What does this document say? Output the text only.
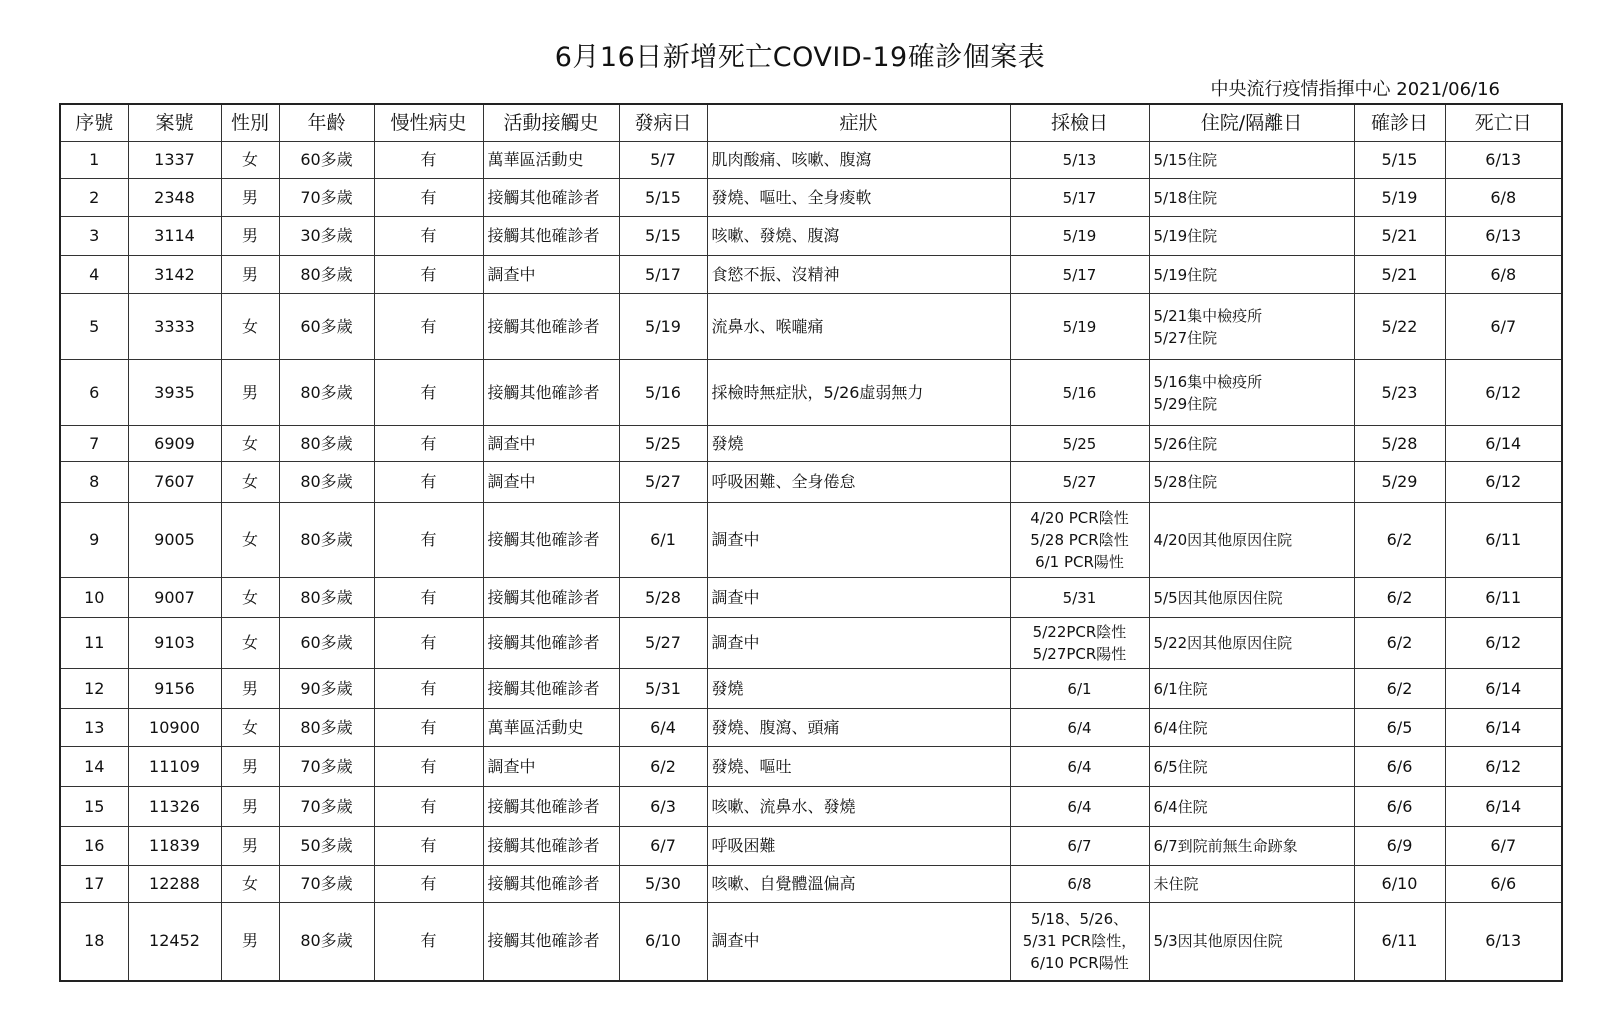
6月16日新增死亡COVID-19確診個案表
中央流行疫情指揮中心 2021/06/16
序號	案號	性別	年齡	慢性病史	活動接觸史	發病日	症狀	採檢日	住院/隔離日	確診日	死亡日
1	1337	女	60多歲	有	萬華區活動史	5/7	肌肉酸痛、咳嗽、腹瀉	5/13	5/15住院	5/15	6/13
2	2348	男	70多歲	有	接觸其他確診者	5/15	發燒、嘔吐、全身痠軟	5/17	5/18住院	5/19	6/8
3	3114	男	30多歲	有	接觸其他確診者	5/15	咳嗽、發燒、腹瀉	5/19	5/19住院	5/21	6/13
4	3142	男	80多歲	有	調查中	5/17	食慾不振、沒精神	5/17	5/19住院	5/21	6/8
5	3333	女	60多歲	有	接觸其他確診者	5/19	流鼻水、喉嚨痛	5/19	5/21集中檢疫所
5/27住院	5/22	6/7
6	3935	男	80多歲	有	接觸其他確診者	5/16	採檢時無症狀，5/26虛弱無力	5/16	5/16集中檢疫所
5/29住院	5/23	6/12
7	6909	女	80多歲	有	調查中	5/25	發燒	5/25	5/26住院	5/28	6/14
8	7607	女	80多歲	有	調查中	5/27	呼吸困難、全身倦怠	5/27	5/28住院	5/29	6/12
9	9005	女	80多歲	有	接觸其他確診者	6/1	調查中	4/20 PCR陰性
5/28 PCR陰性
6/1 PCR陽性	4/20因其他原因住院	6/2	6/11
10	9007	女	80多歲	有	接觸其他確診者	5/28	調查中	5/31	5/5因其他原因住院	6/2	6/11
11	9103	女	60多歲	有	接觸其他確診者	5/27	調查中	5/22PCR陰性
5/27PCR陽性	5/22因其他原因住院	6/2	6/12
12	9156	男	90多歲	有	接觸其他確診者	5/31	發燒	6/1	6/1住院	6/2	6/14
13	10900	女	80多歲	有	萬華區活動史	6/4	發燒、腹瀉、頭痛	6/4	6/4住院	6/5	6/14
14	11109	男	70多歲	有	調查中	6/2	發燒、嘔吐	6/4	6/5住院	6/6	6/12
15	11326	男	70多歲	有	接觸其他確診者	6/3	咳嗽、流鼻水、發燒	6/4	6/4住院	6/6	6/14
16	11839	男	50多歲	有	接觸其他確診者	6/7	呼吸困難	6/7	6/7到院前無生命跡象	6/9	6/7
17	12288	女	70多歲	有	接觸其他確診者	5/30	咳嗽、自覺體溫偏高	6/8	未住院	6/10	6/6
18	12452	男	80多歲	有	接觸其他確診者	6/10	調查中	5/18、5/26、
5/31 PCR陰性，
6/10 PCR陽性	5/3因其他原因住院	6/11	6/13
